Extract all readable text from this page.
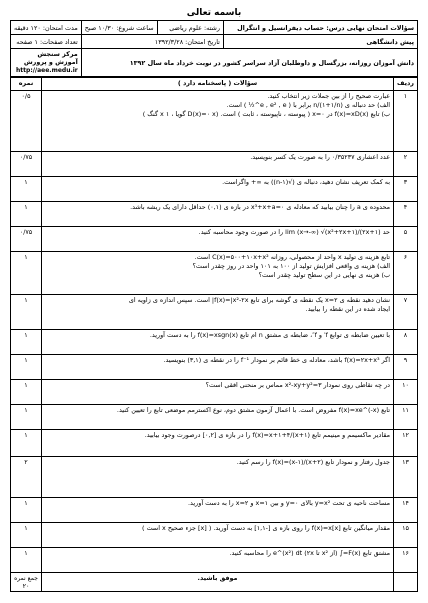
باسمه تعالی
سؤالات امتحان نهایی درس: حساب دیفرانسیل و انتگرال	رشته: علوم ریاضی	ساعت شروع: ۱۰/۳۰ صبح	مدت امتحان: ۱۲۰ دقیقه
پیش دانشگاهی	تاریخ امتحان: ۱۳۹۲/۳/۲۸		تعداد صفحات: ۱ صفحه
دانش آموزان روزانه، بزرگسال و داوطلبان آزاد سراسر کشور در نوبت خرداد ماه سال ۱۳۹۲			مرکز سنجش آموزش و پرورش
http://aee.medu.ir
ردیف	سؤالات ( پاسخنامه دارد )	نمره
۱	عبارت صحیح را از بین جملات زیر انتخاب کنید.
الف) حد دنباله ی n/(۱+۱/n) برابر با ( e , e² , e^½ ) است.
ب) تابع f(x)=xD(x) در x=۰ ( پیوسته ، ناپیوسته ، ثابت ) است. (D(x)=۰ x گویا ، ۱ x گنگ )	۰/۵
۲	عدد اعشاری ۰/۳۵۲۳۷ را به صورت یک کسر بنویسید.	۰/۷۵
۳	به کمک تعریف نشان دهید، دنباله ی (√(n-۱)) به ∞+ واگراست.	۱
۴	محدوده ی a را چنان بیابید که معادله ی x³+x+a=۰ در بازه ی (۰,۱) حداقل دارای یک ریشه باشد.	۱
۵	حد lim (x→-∞) √(x²+۲x+۱)/(۲x+۱) را در صورت وجود محاسبه کنید.	۰/۷۵
۶	تابع هزینه ی تولید x واحد از محصولی، روزانه C(x)=۵۰۰+۱۰x+x² است.
الف) هزینه ی واقعی افزایش تولید از ۱۰۰ به ۱۰۱ واحد در روز چقدر است؟
ب) هزینه ی نهایی در این سطح تولید چقدر است؟	۱
۷	نشان دهید نقطه ی x=۲ یک نقطه ی گوشه برای تابع f(x)=|x²-۲x| است. سپس اندازه ی زاویه ای
ایجاد شده در این نقطه را بیابید.	۱
۸	با تعیین ضابطه ی توابع f′ و f″، ضابطه ی مشتق n ام تابع f(x)=xsgn(x) را به دست آورید.	۱
۹	اگر f(x)=۲x+x³ باشد، معادله ی خط قائم بر نمودار f⁻¹ را در نقطه ی (۳,۱) بنویسید.	۱
۱۰	در چه نقاطی روی نمودار x²-xy+y²=۳ مماس بر منحنی افقی است؟	۱
۱۱	تابع f(x)=xe^(-x) مفروض است. با اعمال آزمون مشتق دوم، نوع اکسترمم موضعی تابع را تعیین کنید.	۱
۱۲	مقادیر ماکسیمم و مینیمم تابع f(x)=x+۱+۴/(x+۱) را در بازه ی [۰,۲] درصورت وجود بیابید.	۱
۱۳	جدول رفتار و نمودار تابع f(x)=(x-۱)/(x+۲) را رسم کنید.	۲
۱۴	مساحت ناحیه ی تحت y=x² بالای y=۰ و بین x=۱ و x=۲ را به دست آورید.	۱
۱۵	مقدار میانگین تابع f(x)=x[x] را روی بازه ی [-۱,۱] به دست آورید. ( [x] جزء صحیح x است )	۱
۱۶	مشتق تابع F(x)=∫ (از x² تا ۲x) e^(x²) dt را محاسبه کنید.	۱
	موفق باشید.	جمع نمره ۲۰
